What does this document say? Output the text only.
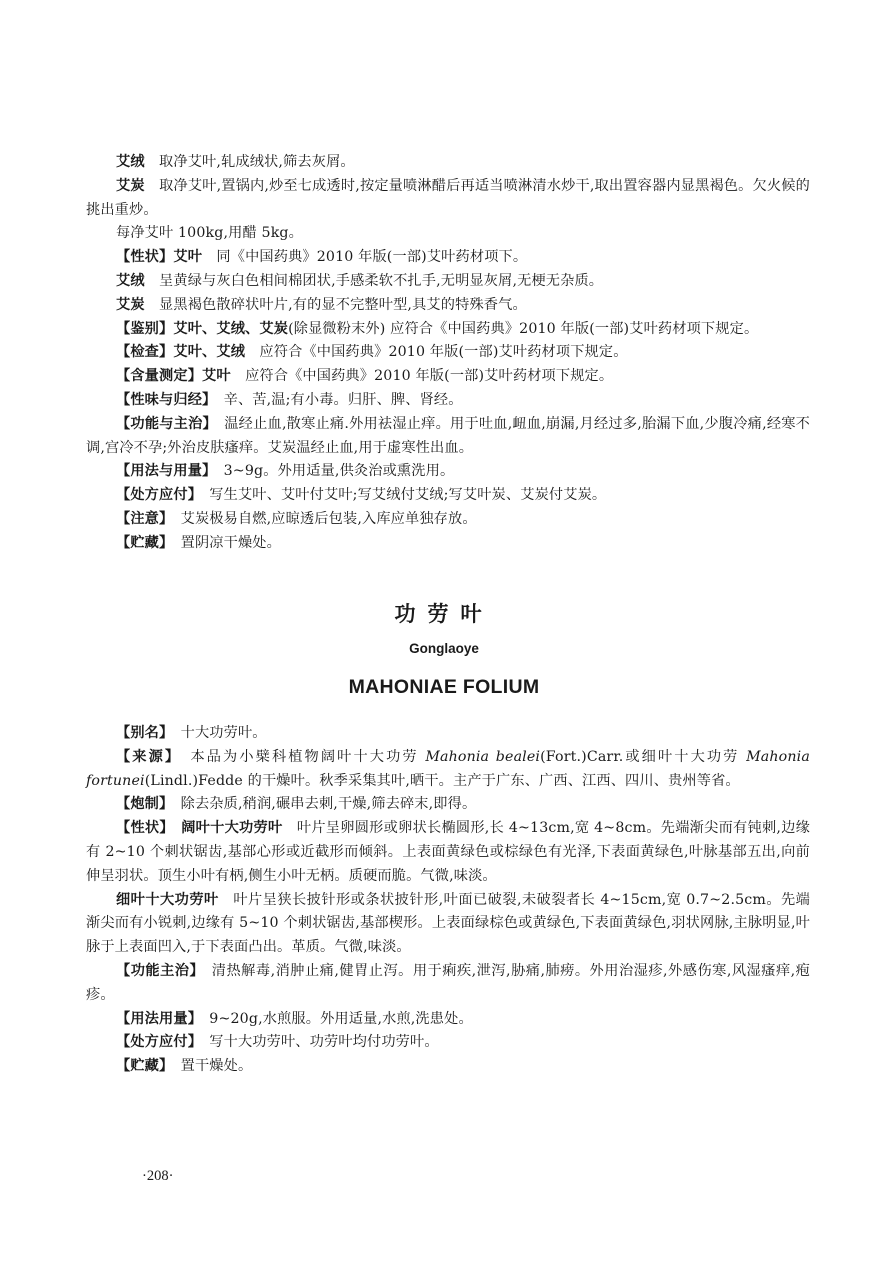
艾绒　 取净艾叶,轧成绒状,筛去灰屑。

艾炭　 取净艾叶,置锅内,炒至七成透时,按定量喷淋醋后再适当喷淋清水炒干,取出置容器内显黑褐色。欠火候的挑出重炒。

每净艾叶 100kg,用醋 5kg。

【性状】艾叶　 同《中国药典》2010 年版(一部)艾叶药材项下。

艾绒　 呈黄绿与灰白色相间棉团状,手感柔软不扎手,无明显灰屑,无梗无杂质。

艾炭　 显黑褐色散碎状叶片,有的显不完整叶型,具艾的特殊香气。

【鉴别】艾叶、艾绒、艾炭(除显微粉末外) 应符合《中国药典》2010 年版(一部)艾叶药材项下规定。

【检查】艾叶、艾绒　 应符合《中国药典》2010 年版(一部)艾叶药材项下规定。

【含量测定】艾叶　 应符合《中国药典》2010 年版(一部)艾叶药材项下规定。

【性味与归经】　 辛、苦,温;有小毒。归肝、脾、肾经。

【功能与主治】　 温经止血,散寒止痛.外用祛湿止痒。用于吐血,衄血,崩漏,月经过多,胎漏下血,少腹冷痛,经寒不调,宫冷不孕;外治皮肤瘙痒。艾炭温经止血,用于虚寒性出血。

【用法与用量】　 3~9g。外用适量,供灸治或熏洗用。

【处方应付】　 写生艾叶、艾叶付艾叶;写艾绒付艾绒;写艾叶炭、艾炭付艾炭。

【注意】　 艾炭极易自燃,应晾透后包装,入库应单独存放。

【贮藏】　 置阴凉干燥处。

功劳叶
Gonglaoye
MAHONIAE FOLIUM

【别名】　 十大功劳叶。

【来源】　 本品为小檗科植物阔叶十大功劳 Mahonia bealei(Fort.)Carr.或细叶十大功劳 Mahonia fortunei(Lindl.)Fedde 的干燥叶。秋季采集其叶,晒干。主产于广东、广西、江西、四川、贵州等省。

【炮制】　 除去杂质,稍润,碾串去刺,干燥,筛去碎末,即得。

【性状】　 阔叶十大功劳叶　 叶片呈卵圆形或卵状长椭圆形,长 4~13cm,宽 4~8cm。先端渐尖而有钝刺,边缘有 2~10 个刺状锯齿,基部心形或近截形而倾斜。上表面黄绿色或棕绿色有光泽,下表面黄绿色,叶脉基部五出,向前伸呈羽状。顶生小叶有柄,侧生小叶无柄。质硬而脆。气微,味淡。

细叶十大功劳叶　 叶片呈狭长披针形或条状披针形,叶面已破裂,未破裂者长 4~15cm,宽 0.7~2.5cm。先端渐尖而有小锐刺,边缘有 5~10 个刺状锯齿,基部楔形。上表面绿棕色或黄绿色,下表面黄绿色,羽状网脉,主脉明显,叶脉于上表面凹入,于下表面凸出。革质。气微,味淡。

【功能主治】　 清热解毒,消肿止痛,健胃止泻。用于痢疾,泄泻,胁痛,肺痨。外用治湿疹,外感伤寒,风湿瘙痒,疱疹。

【用法用量】　 9~20g,水煎服。外用适量,水煎,洗患处。

【处方应付】　 写十大功劳叶、功劳叶均付功劳叶。

【贮藏】　 置干燥处。

·208·
